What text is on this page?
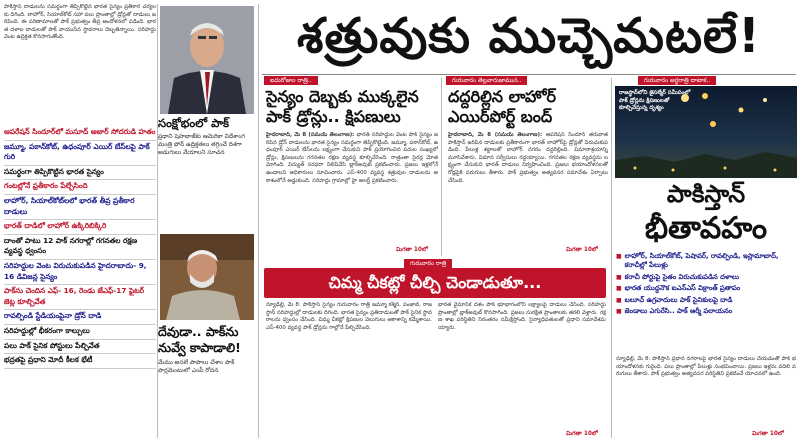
పాకిస్తాన్ దాడులను సమర్థంగా తిప్పికొట్టిన భారత సైన్యం ప్రతీకార చర్యలకు దిగింది. లాహోర్, సియాల్‌కోట్ సహా పలు ప్రాంతాల్లో డ్రోన్లతో దాడులు జరిపింది. ఈ పరిణామాలతో పాక్ ప్రభుత్వం తీవ్ర ఆందోళనలో పడింది. భారత దళాల దాడులతో పాక్ వాయుసేన స్థావరాలు దెబ్బతిన్నాయి. సరిహద్దు వెంట ఉద్రిక్తత కొనసాగుతోంది.
సంక్షోభంలో పాక్
ప్రధాని షెహబాజ్‌కు ఆమెరికా విదేశాంగ మంత్రి ఫోన్ ఉద్రిక్తతలు తగ్గించే దిశగా అడుగులు వేయాలని సూచన
ఆపరేషన్ సిందూర్‌లో మసూద్ అజార్ సోదరుడి హతం
జమ్మూ, పఠాన్‌కోట్, ఉధంపూర్ ఎయిర్ బేస్‌లపై పాక్ గురి
సమర్థంగా తిప్పికొట్టిన భారత సైన్యం
గంటల్లోనే ఫ్రతీకారం పేల్చేసింది
లాహోర్, సియాల్‌కోట్‌లలో భారత్ తీవ్ర ప్రతీకార దాడులు
భారత్ దాడిలో లాహోర్ ఉక్కిరిబిక్కిరి
దాంతో పాటు 12 పాక్ నగరాల్లో గగనతల రక్షణ వ్యవస్థ ధ్వంసం
సరిహద్దుల వెంట విరుచుకుపడిన హైదరాబాదు- 9, 16 డివిజన్ల సైన్యం
పాక్‌ను చెందిన ఎఫ్- 16, రెండు జేఎఫ్-17 ఫైటర్ జెట్ల కూల్చివేత
రావల్పిండి స్టేడియంపైనా డ్రోన్ దాడి
సరిహద్దుల్లో భీకరంగా కాల్పులు
పలు పాక్ సైనిక పోస్టులు పేల్చివేత
భద్రతపై ప్రధాని మోదీ కీలక భేటీ
దేవుడా.. పాక్‌ను నువ్వే కాపాడాలి!
మేము అసలే పాపాలు చేశాం పాక్ పార్లమెంటులో ఎంపీ రోదన
శత్రువుకు ముచ్చెమటలే!
ఐదురోజుల రాత్రి..
సైన్యం దెబ్బకు ముక్కలైన పాక్ డ్రోన్లు.. క్షిపణులు
హైదరాబాద్, మే 8 (సమయ్ తెలంగాణ): భారత్ సరిహద్దుల వెంట పాక్ సైన్యం జరిపిన డ్రోన్ దాడులను భారత సైన్యం సమర్థంగా తిప్పికొట్టింది. జమ్మూ, పఠాన్‌కోట్, ఉధంపూర్ ఎయిర్ బేస్‌లను లక్ష్యంగా చేసుకుని పాక్ ప్రయోగించిన పదుల సంఖ్యలో డ్రోన్లు, క్షిపణులను గగనతల రక్షణ వ్యవస్థ కూల్చివేసింది. రాత్రంతా సైరన్ల మోత మోగింది. విద్యుత్ సరఫరా నిలిపివేసి బ్లాక్‌అవుట్ ప్రకటించారు. ప్రజలు ఇళ్లలోనే ఉండాలని అధికారులు సూచించారు. ఎస్-400 వ్యవస్థ శత్రువుల దాడులను ఆకాశంలోనే అడ్డుకుంది. సరిహద్దు గ్రామాల్లో హై అలర్ట్ ప్రకటించారు.
మిగతా 10లో
గురువారం తెల్లవారుజామున..
దద్దరిల్లిన లాహోర్ ఎయిర్‌పోర్ట్ బంద్
హైదరాబాద్, మే 8 (సమయ్ తెలంగాణ): ఆపరేషన్ సిందూర్ తరువాత పాకిస్తాన్ జరిపిన దాడులకు ప్రతీకారంగా భారత్ లాహోర్‌పై డ్రోన్లతో విరుచుకుపడింది. పేలుళ్ల శబ్దాలతో లాహోర్ నగరం దద్దరిల్లింది. విమానాశ్రయాన్ని మూసివేశారు. విమాన సర్వీసులు రద్దయ్యాయి. గగనతల రక్షణ వ్యవస్థను లక్ష్యంగా చేసుకుని భారత్ దాడులు నిర్వహించింది. ప్రజలు భయాందోళనలతో రోడ్లపైకి పరుగులు తీశారు. పాక్ ప్రభుత్వం అత్యవసర సమావేశం ఏర్పాటు చేసింది.
మిగతా 10లో
గురువారం రాత్రి
చిమ్మ చీకట్లో చీల్చి చెండాడుతూ...
న్యూఢిల్లీ, మే 8: పాకిస్తాన్ సైన్యం గురువారం రాత్రి జమ్మూ కశ్మీర్, పంజాబ్, రాజస్థాన్ సరిహద్దుల్లో దాడులకు దిగింది. భారత సైన్యం ప్రతిదాడులతో పాక్ సైనిక స్థావరాలను ధ్వంసం చేసింది. చిమ్మ చీకట్లో క్షిపణుల వెలుగులు ఆకాశాన్ని కమ్మేశాయి. ఎస్-400 వ్యవస్థ పాక్ డ్రోన్లను గాల్లోనే పేల్చివేసింది.
భారత వైమానిక దళం పాక్ భూభాగంలోని లక్ష్యాలపై దాడులు చేసింది. సరిహద్దు ప్రాంతాల్లో బ్లాక్‌అవుట్ కొనసాగింది. ప్రజలు సురక్షిత ప్రాంతాలకు తరలి వెళ్లారు. రక్షణ శాఖ పరిస్థితిని నిరంతరం సమీక్షిస్తోంది. సైన్యాధిపతులతో ప్రధాని సమావేశమయ్యారు.
మిగతా 10లో
గురువారం అర్ధరాత్రి దాటాక..
రాజస్థాన్‌లోని జైసల్మేర్ సమీపంలో పాక్ డ్రోన్లను క్షిపణులతో కూల్చివేస్తున్న దృశ్యం
పాకిస్తాన్
భీతావహం
■ లాహోర్, సియాల్‌కోట్, పెషావర్, రావల్పిండి, ఇస్లామాబాద్, కరాచీల్లో పేలుళ్లు
■ కరాచీ పోర్టుపై సైతం విరుచుకుపడిన దళాలు
■ భారత యుద్ధనౌక ఐఎన్ఎస్ విక్రాంత్ ప్రతాపం
■ బలూచ్ ఉగ్రవాదులు పాక్ సైనికులపై దాడి
■ జెండాలు ఎగురేసి.. పాక్ ఆర్మీ పలాయనం
న్యూఢిల్లీ, మే 8: పాకిస్తాన్ ప్రధాన నగరాలపై భారత సైన్యం దాడులు చేయడంతో పాక్ భయాందోళనకు గురైంది. పలు ప్రాంతాల్లో పేలుళ్లు సంభవించాయి. ప్రజలు ఇళ్లను వదిలి పరుగులు తీశారు. పాక్ ప్రభుత్వం అత్యవసర పరిస్థితిని ప్రకటించే యోచనలో ఉంది.
మిగతా 10లో
